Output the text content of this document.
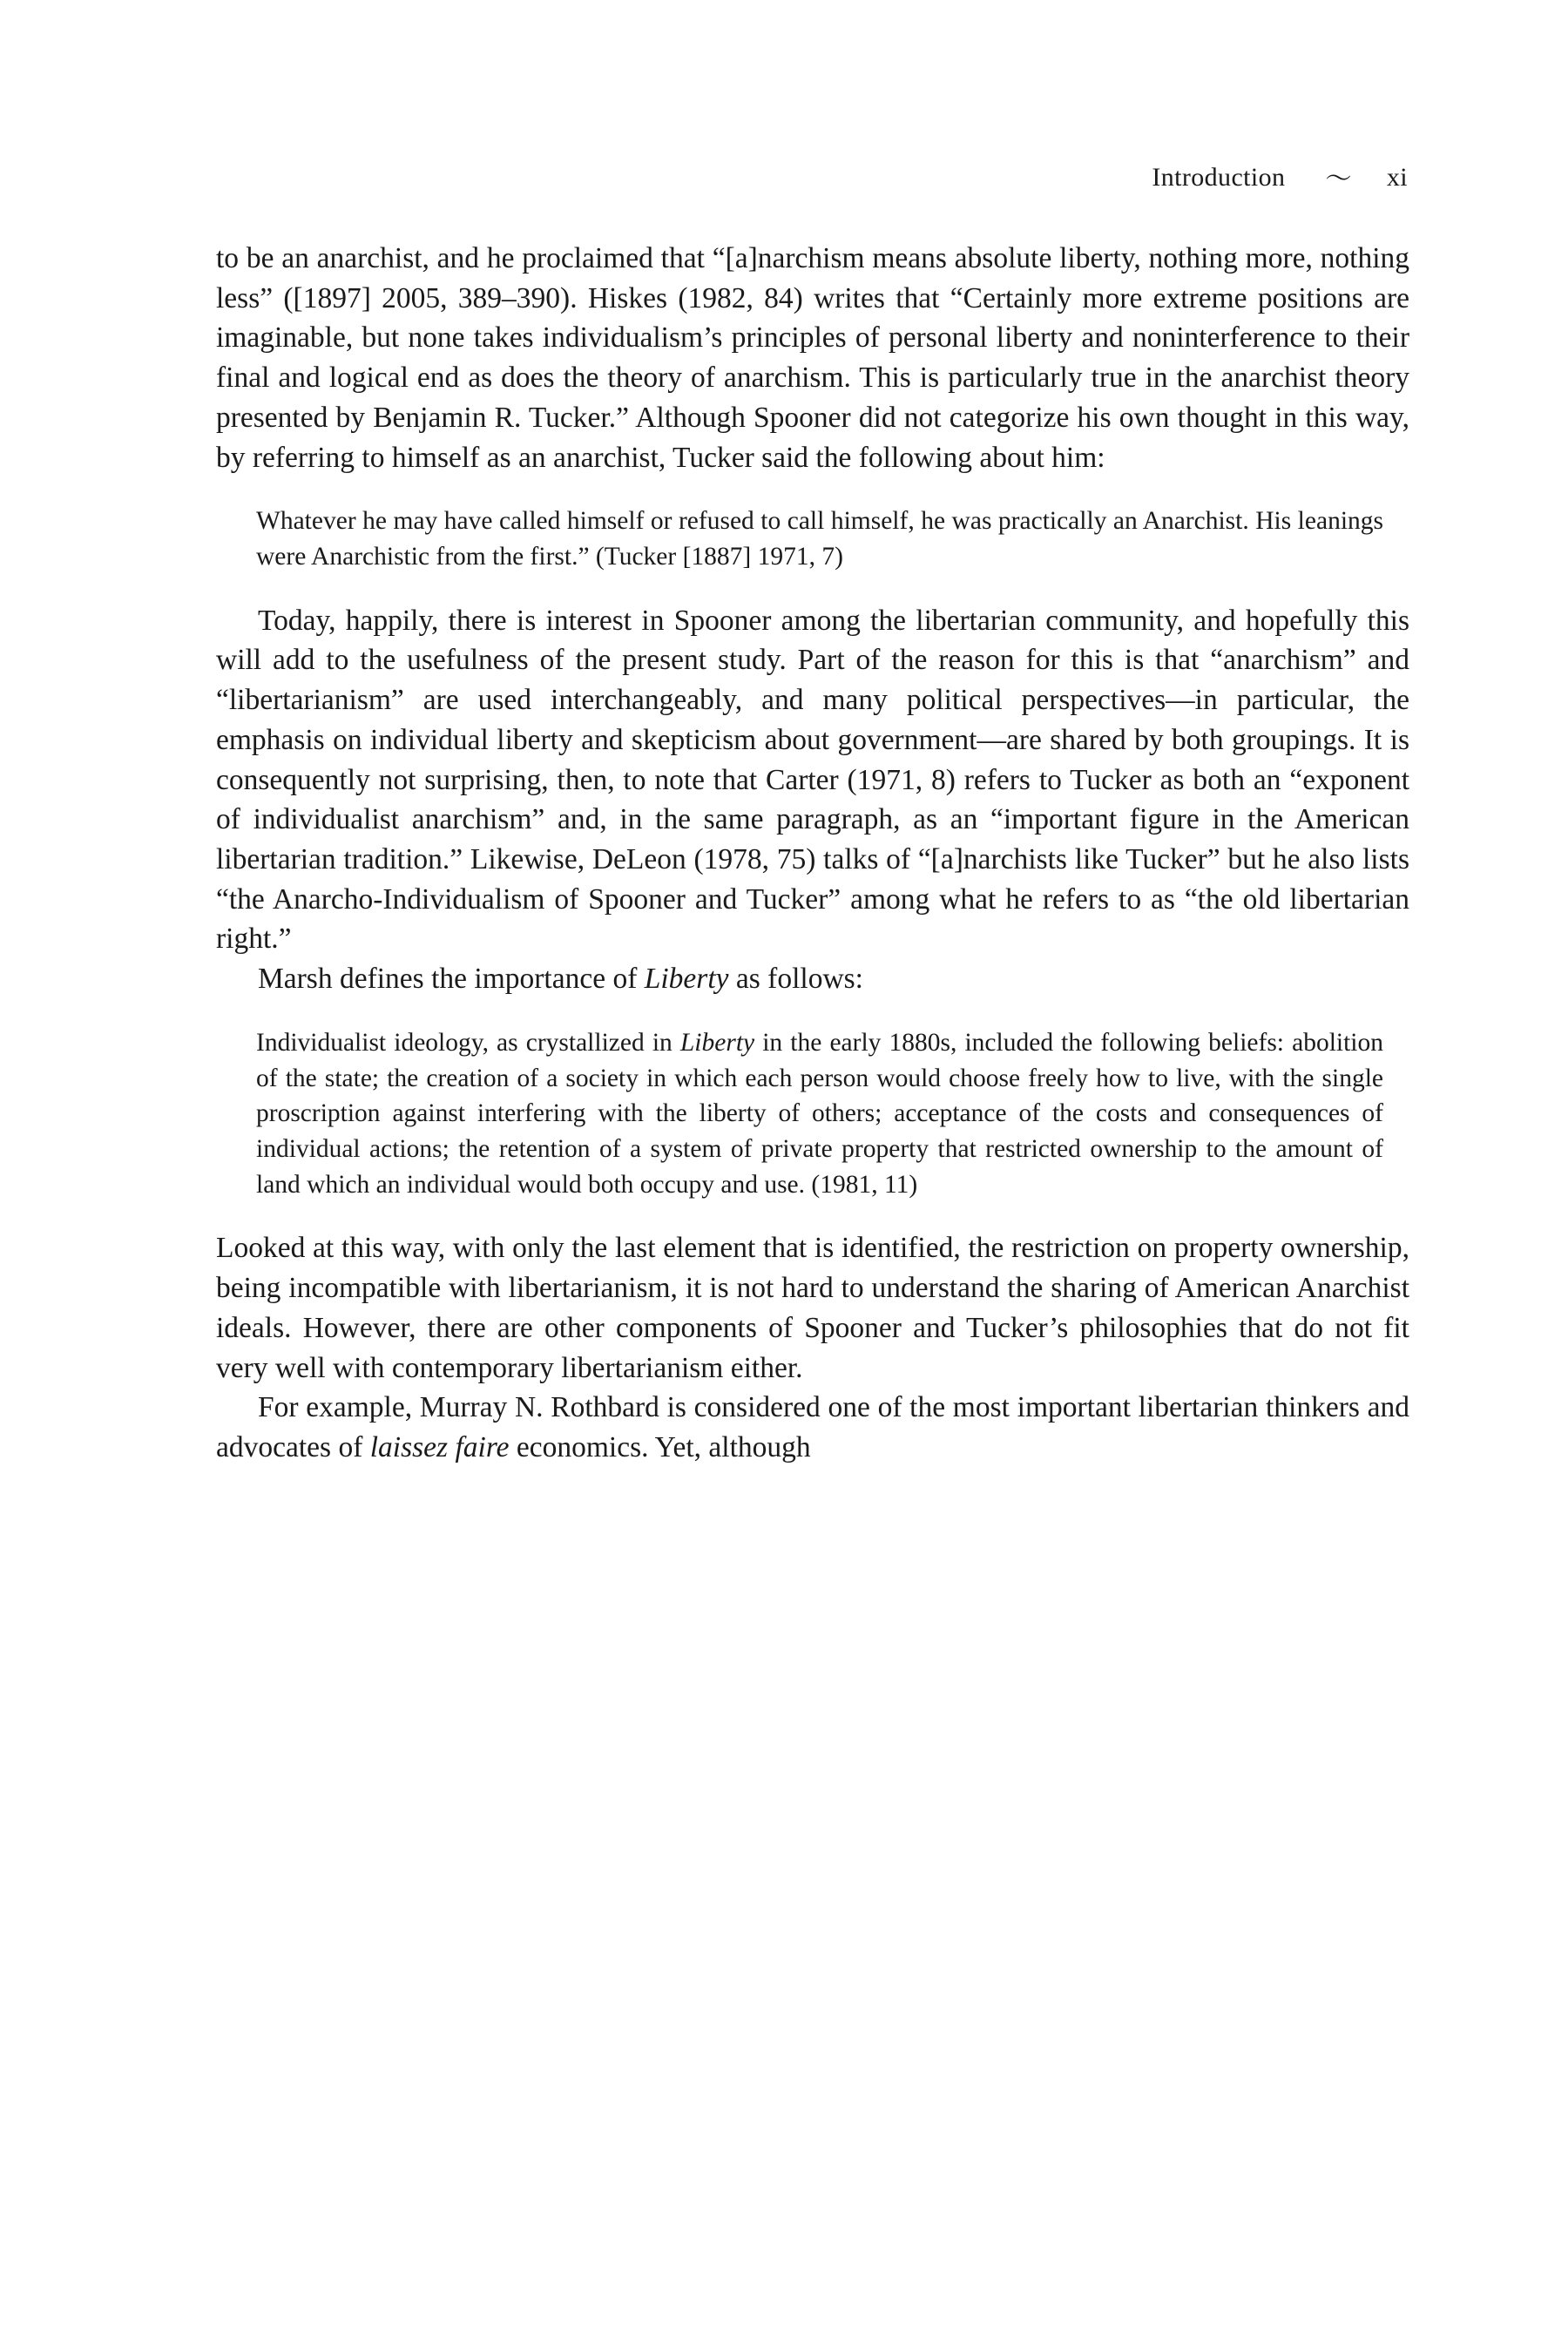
Introduction 〜 xi

to be an anarchist, and he proclaimed that “[a]narchism means absolute liberty, nothing more, nothing less” ([1897] 2005, 389–390). Hiskes (1982, 84) writes that “Certainly more extreme positions are imaginable, but none takes individualism’s principles of personal liberty and noninterference to their final and logical end as does the theory of anarchism. This is particularly true in the anarchist theory presented by Benjamin R. Tucker.” Although Spooner did not categorize his own thought in this way, by referring to himself as an anarchist, Tucker said the following about him:

Whatever he may have called himself or refused to call himself, he was practically an Anarchist. His leanings were Anarchistic from the first.” (Tucker [1887] 1971, 7)

Today, happily, there is interest in Spooner among the libertarian community, and hopefully this will add to the usefulness of the present study. Part of the reason for this is that “anarchism” and “libertarianism” are used interchangeably, and many political perspectives—in particular, the emphasis on individual liberty and skepticism about government—are shared by both groupings. It is consequently not surprising, then, to note that Carter (1971, 8) refers to Tucker as both an “exponent of individualist anarchism” and, in the same paragraph, as an “important figure in the American libertarian tradition.” Likewise, DeLeon (1978, 75) talks of “[a]narchists like Tucker” but he also lists “the Anarcho-Individualism of Spooner and Tucker” among what he refers to as “the old libertarian right.”

Marsh defines the importance of Liberty as follows:

Individualist ideology, as crystallized in Liberty in the early 1880s, included the following beliefs: abolition of the state; the creation of a society in which each person would choose freely how to live, with the single proscription against interfering with the liberty of others; acceptance of the costs and consequences of individual actions; the retention of a system of private property that restricted ownership to the amount of land which an individual would both occupy and use. (1981, 11)

Looked at this way, with only the last element that is identified, the restriction on property ownership, being incompatible with libertarianism, it is not hard to understand the sharing of American Anarchist ideals. However, there are other components of Spooner and Tucker’s philosophies that do not fit very well with contemporary libertarianism either.

For example, Murray N. Rothbard is considered one of the most important libertarian thinkers and advocates of laissez faire economics. Yet, although
